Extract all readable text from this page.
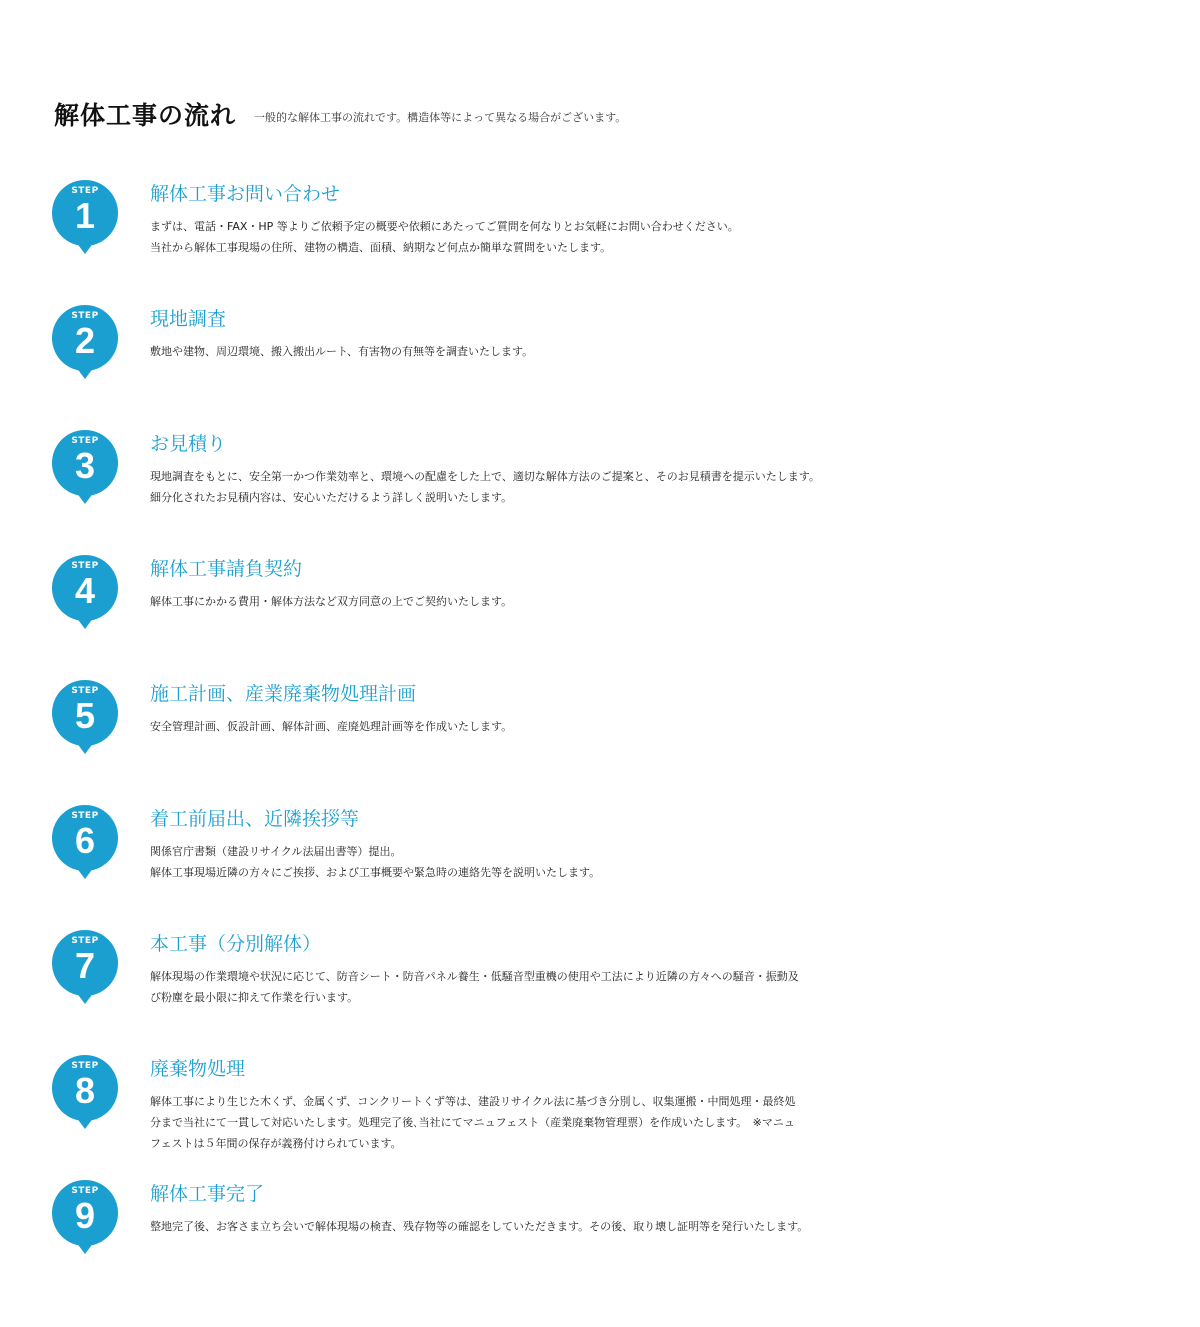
解体工事の流れ 一般的な解体工事の流れです。構造体等によって異なる場合がございます。
STEP
1
解体工事お問い合わせ
まずは、電話・FAX・HP 等よりご依頼予定の概要や依頼にあたってご質問を何なりとお気軽にお問い合わせください。
当社から解体工事現場の住所、建物の構造、面積、納期など何点か簡単な質問をいたします。
STEP
2
現地調査
敷地や建物、周辺環境、搬入搬出ルート、有害物の有無等を調査いたします。
STEP
3
お見積り
現地調査をもとに、安全第一かつ作業効率と、環境への配慮をした上で、適切な解体方法のご提案と、そのお見積書を提示いたします。
細分化されたお見積内容は、安心いただけるよう詳しく説明いたします。
STEP
4
解体工事請負契約
解体工事にかかる費用・解体方法など双方同意の上でご契約いたします。
STEP
5
施工計画、産業廃棄物処理計画
安全管理計画、仮設計画、解体計画、産廃処理計画等を作成いたします。
STEP
6
着工前届出、近隣挨拶等
関係官庁書類（建設リサイクル法届出書等）提出。
解体工事現場近隣の方々にご挨拶、および工事概要や緊急時の連絡先等を説明いたします。
STEP
7
本工事（分別解体）
解体現場の作業環境や状況に応じて、防音シート・防音パネル養生・低騒音型重機の使用や工法により近隣の方々への騒音・振動及
び粉塵を最小限に抑えて作業を行います。
STEP
8
廃棄物処理
解体工事により生じた木くず、金属くず、コンクリートくず等は、建設リサイクル法に基づき分別し、収集運搬・中間処理・最終処
分まで当社にて一貫して対応いたします。処理完了後､当社にてマニュフェスト（産業廃棄物管理票）を作成いたします。　※マニュ
フェストは５年間の保存が義務付けられています。
STEP
9
解体工事完了
整地完了後、お客さま立ち会いで解体現場の検査、残存物等の確認をしていただきます。その後、取り壊し証明等を発行いたします。
